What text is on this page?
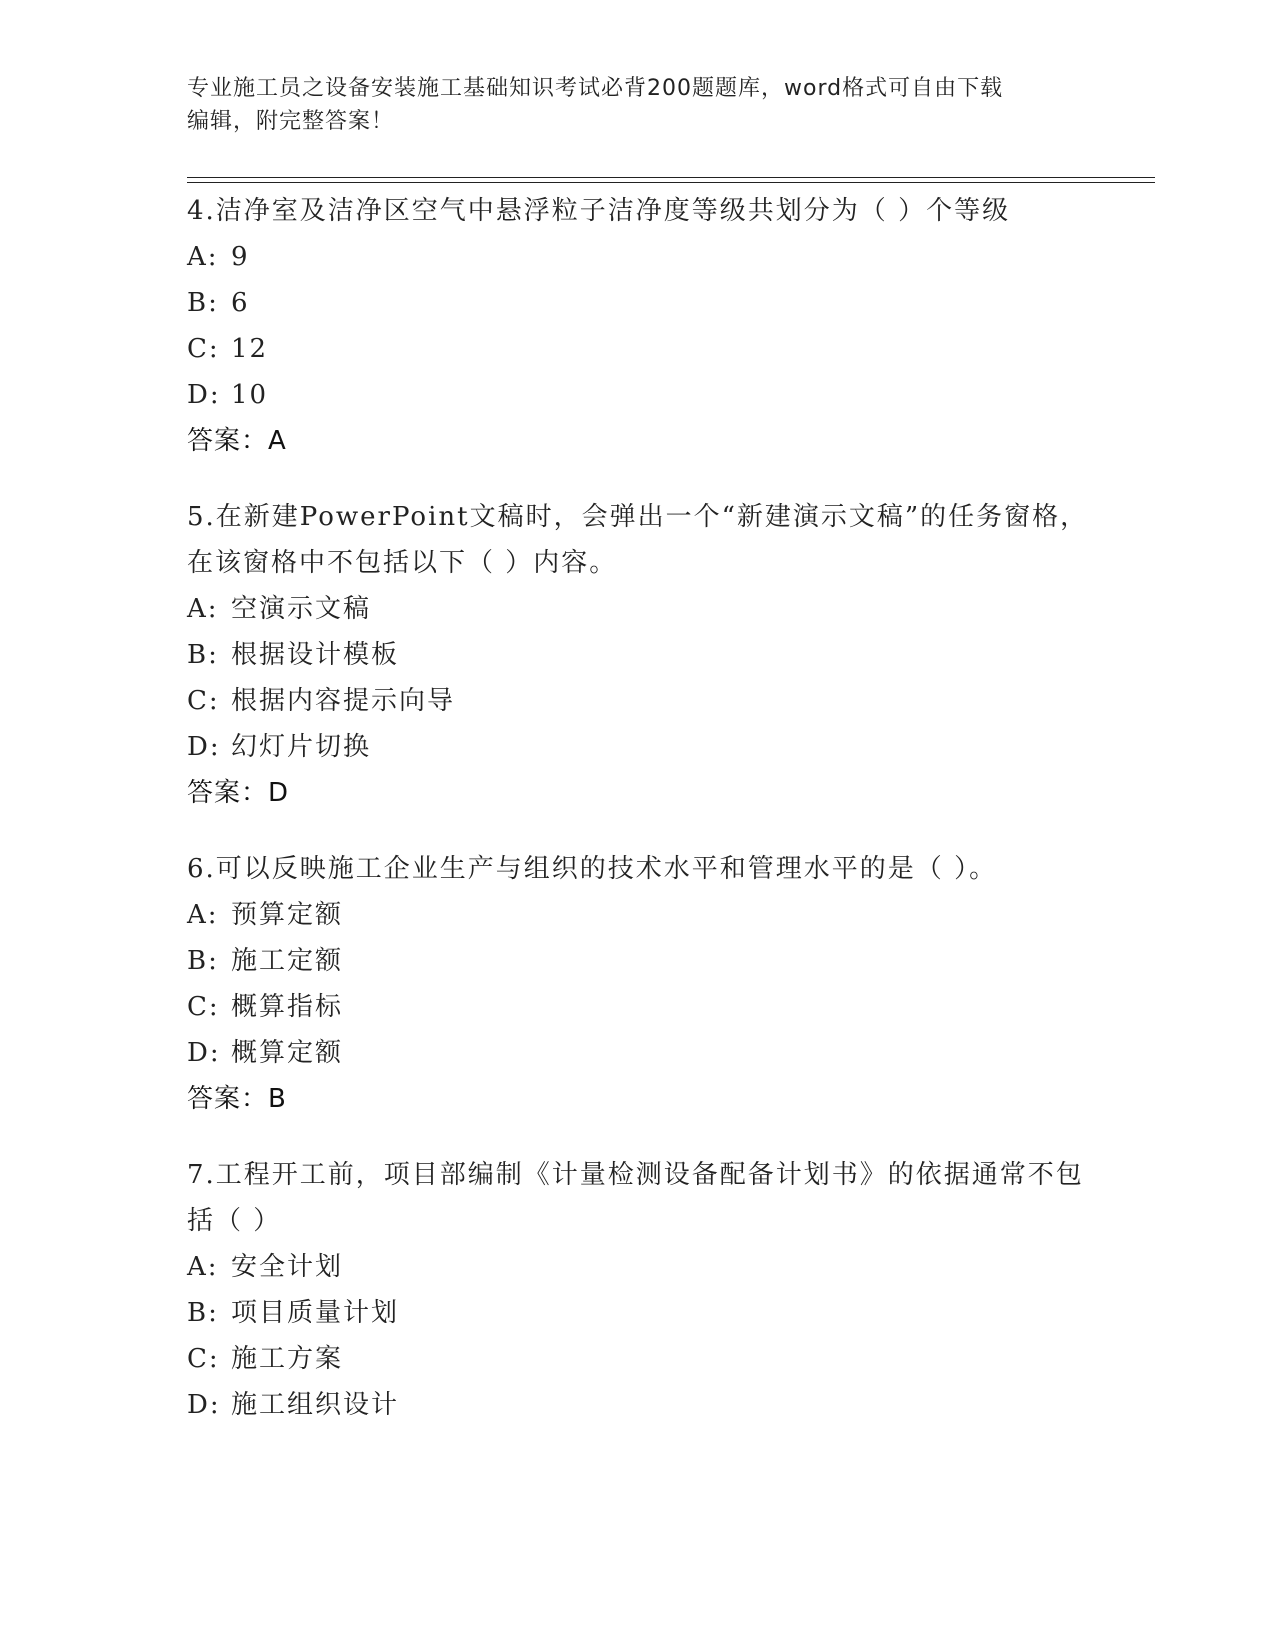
专业施工员之设备安装施工基础知识考试必背200题题库，word格式可自由下载
编辑，附完整答案！

4.洁净室及洁净区空气中悬浮粒子洁净度等级共划分为（ ）个等级

A: 9

B: 6

C: 12

D: 10

答案：A

5.在新建PowerPoint文稿时，会弹出一个“新建演示文稿”的任务窗格，在该窗格中不包括以下（ ）内容。

A: 空演示文稿

B: 根据设计模板

C: 根据内容提示向导

D: 幻灯片切换

答案：D

6.可以反映施工企业生产与组织的技术水平和管理水平的是（ ）。

A: 预算定额

B: 施工定额

C: 概算指标

D: 概算定额

答案：B

7.工程开工前，项目部编制《计量检测设备配备计划书》的依据通常不包括（ ）

A: 安全计划

B: 项目质量计划

C: 施工方案

D: 施工组织设计
